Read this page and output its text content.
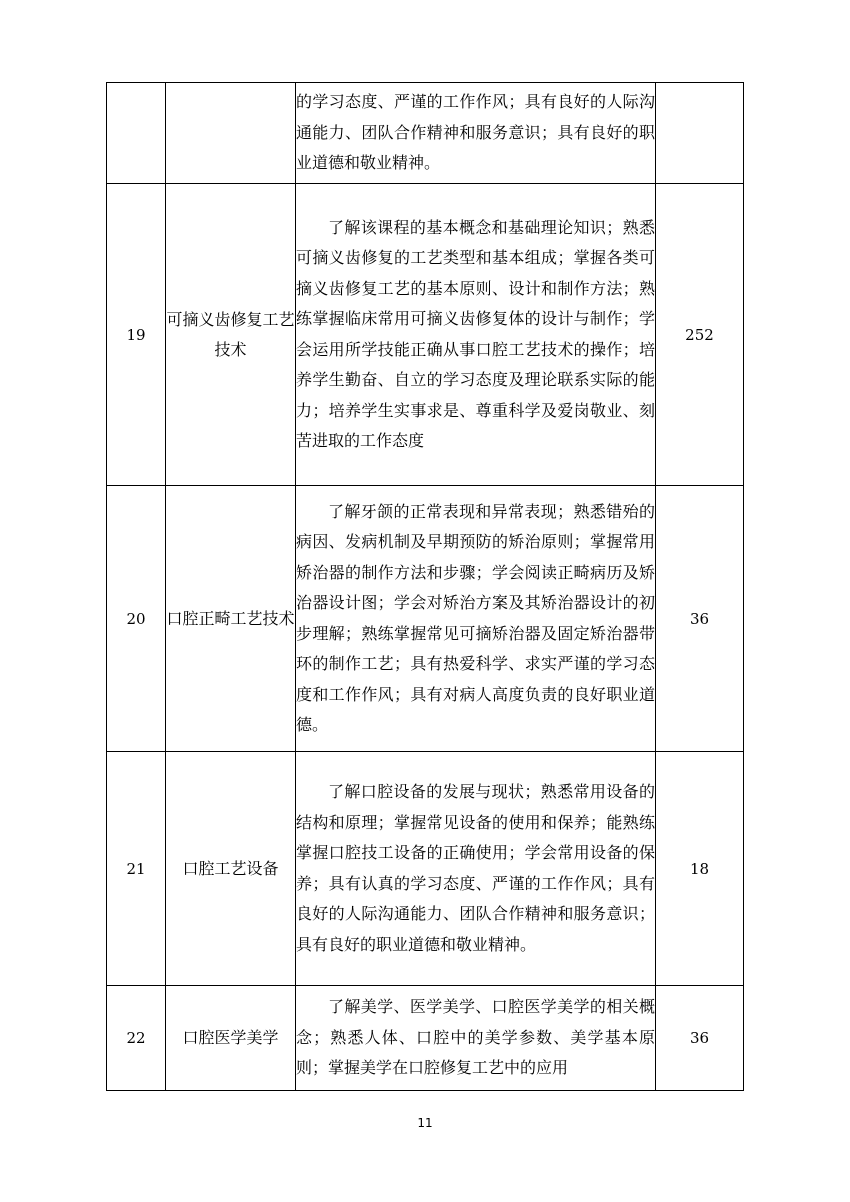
		的学习态度、严谨的工作作风；具有良好的人际沟通能力、团队合作精神和服务意识；具有良好的职业道德和敬业精神。	
19	可摘义齿修复工艺技术	了解该课程的基本概念和基础理论知识；熟悉可摘义齿修复的工艺类型和基本组成；掌握各类可摘义齿修复工艺的基本原则、设计和制作方法；熟练掌握临床常用可摘义齿修复体的设计与制作；学会运用所学技能正确从事口腔工艺技术的操作；培养学生勤奋、自立的学习态度及理论联系实际的能力；培养学生实事求是、尊重科学及爱岗敬业、刻苦进取的工作态度	252
20	口腔正畸工艺技术	了解牙颌的正常表现和异常表现；熟悉错殆的病因、发病机制及早期预防的矫治原则；掌握常用矫治器的制作方法和步骤；学会阅读正畸病历及矫治器设计图；学会对矫治方案及其矫治器设计的初步理解；熟练掌握常见可摘矫治器及固定矫治器带环的制作工艺；具有热爱科学、求实严谨的学习态度和工作作风；具有对病人高度负责的良好职业道德。	36
21	口腔工艺设备	了解口腔设备的发展与现状；熟悉常用设备的结构和原理；掌握常见设备的使用和保养；能熟练掌握口腔技工设备的正确使用；学会常用设备的保养；具有认真的学习态度、严谨的工作作风；具有良好的人际沟通能力、团队合作精神和服务意识；具有良好的职业道德和敬业精神。	18
22	口腔医学美学	了解美学、医学美学、口腔医学美学的相关概念；熟悉人体、口腔中的美学参数、美学基本原则；掌握美学在口腔修复工艺中的应用	36
11
